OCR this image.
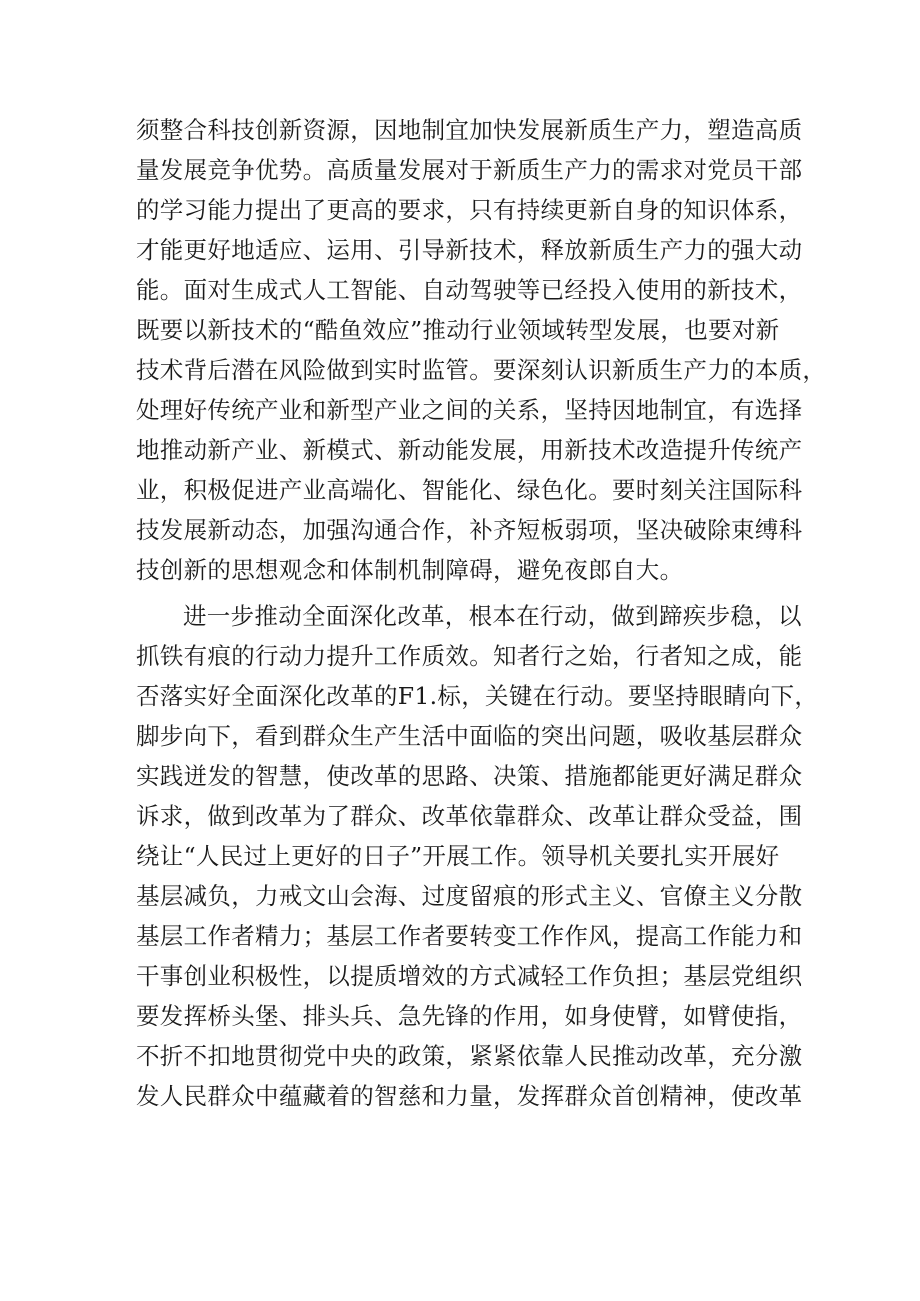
须整合科技创新资源，因地制宜加快发展新质生产力，塑造高质
量发展竞争优势。高质量发展对于新质生产力的需求对党员干部
的学习能力提出了更高的要求，只有持续更新自身的知识体系，
才能更好地适应、运用、引导新技术，释放新质生产力的强大动
能。面对生成式人工智能、自动驾驶等已经投入使用的新技术，
既要以新技术的“酷鱼效应”推动行业领域转型发展，也要对新
技术背后潜在风险做到实时监管。要深刻认识新质生产力的本质，
处理好传统产业和新型产业之间的关系，坚持因地制宜，有选择
地推动新产业、新模式、新动能发展，用新技术改造提升传统产
业，积极促进产业高端化、智能化、绿色化。要时刻关注国际科
技发展新动态，加强沟通合作，补齐短板弱项，坚决破除束缚科
技创新的思想观念和体制机制障碍，避免夜郎自大。
进一步推动全面深化改革，根本在行动，做到蹄疾步稳，以
抓铁有痕的行动力提升工作质效。知者行之始，行者知之成，能
否落实好全面深化改革的F1.标，关键在行动。要坚持眼睛向下，
脚步向下，看到群众生产生活中面临的突出问题，吸收基层群众
实践迸发的智慧，使改革的思路、决策、措施都能更好满足群众
诉求，做到改革为了群众、改革依靠群众、改革让群众受益，围
绕让“人民过上更好的日子”开展工作。领导机关要扎实开展好
基层减负，力戒文山会海、过度留痕的形式主义、官僚主义分散
基层工作者精力；基层工作者要转变工作作风，提高工作能力和
干事创业积极性，以提质增效的方式减轻工作负担；基层党组织
要发挥桥头堡、排头兵、急先锋的作用，如身使臂，如臂使指，
不折不扣地贯彻党中央的政策，紧紧依靠人民推动改革，充分激
发人民群众中蕴藏着的智慈和力量，发挥群众首创精神，使改革
